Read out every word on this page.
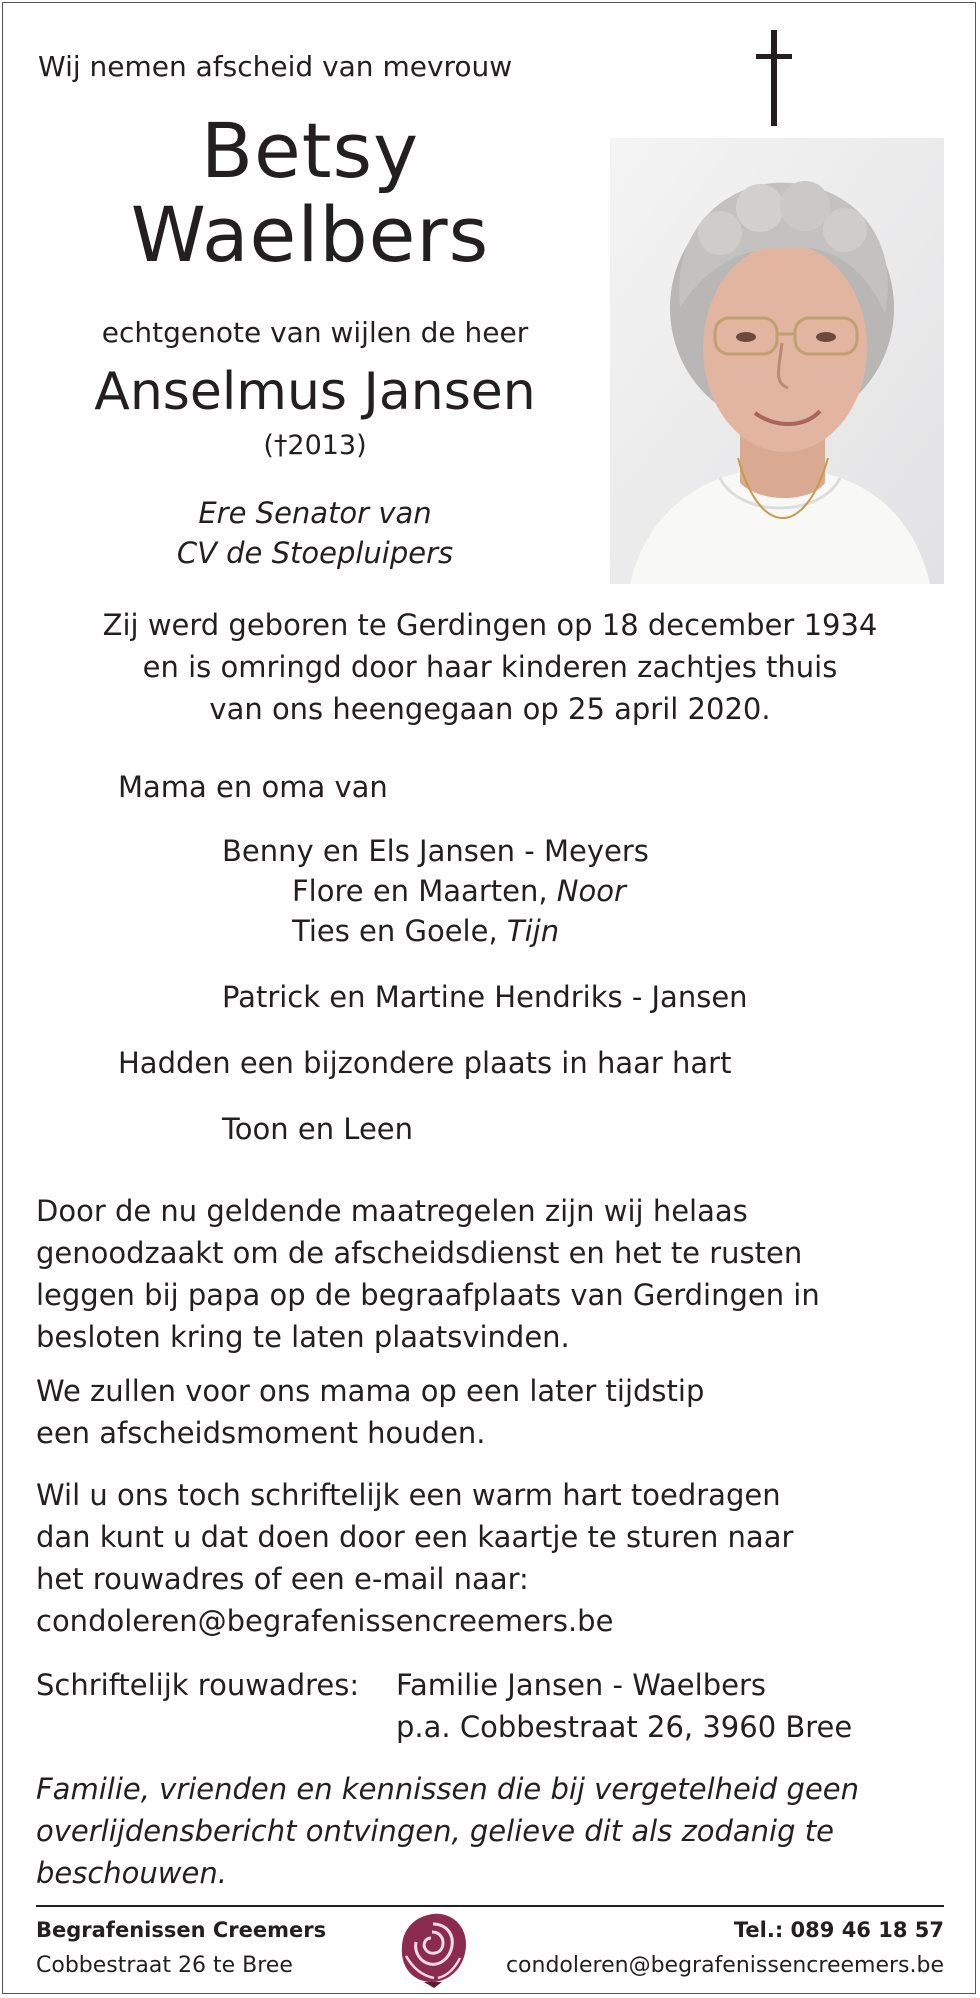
Wij nemen afscheid van mevrouw
Betsy
Waelbers
echtgenote van wijlen de heer
Anselmus Jansen
(†2013)
Ere Senator van
CV de Stoepluipers
Zij werd geboren te Gerdingen op 18 december 1934
en is omringd door haar kinderen zachtjes thuis
van ons heengegaan op 25 april 2020.
Mama en oma van
Benny en Els Jansen - Meyers
Flore en Maarten, Noor
Ties en Goele, Tijn
Patrick en Martine Hendriks - Jansen
Hadden een bijzondere plaats in haar hart
Toon en Leen
Door de nu geldende maatregelen zijn wij helaas
genoodzaakt om de afscheidsdienst en het te rusten
leggen bij papa op de begraafplaats van Gerdingen in
besloten kring te laten plaatsvinden.
We zullen voor ons mama op een later tijdstip
een afscheidsmoment houden.
Wil u ons toch schriftelijk een warm hart toedragen
dan kunt u dat doen door een kaartje te sturen naar
het rouwadres of een e-mail naar:
condoleren@begrafenissencreemers.be
Schriftelijk rouwadres: Familie Jansen - Waelbers
p.a. Cobbestraat 26, 3960 Bree
Familie, vrienden en kennissen die bij vergetelheid geen
overlijdensbericht ontvingen, gelieve dit als zodanig te
beschouwen.
Begrafenissen Creemers
Cobbestraat 26 te Bree
Tel.: 089 46 18 57
condoleren@begrafenissencreemers.be
